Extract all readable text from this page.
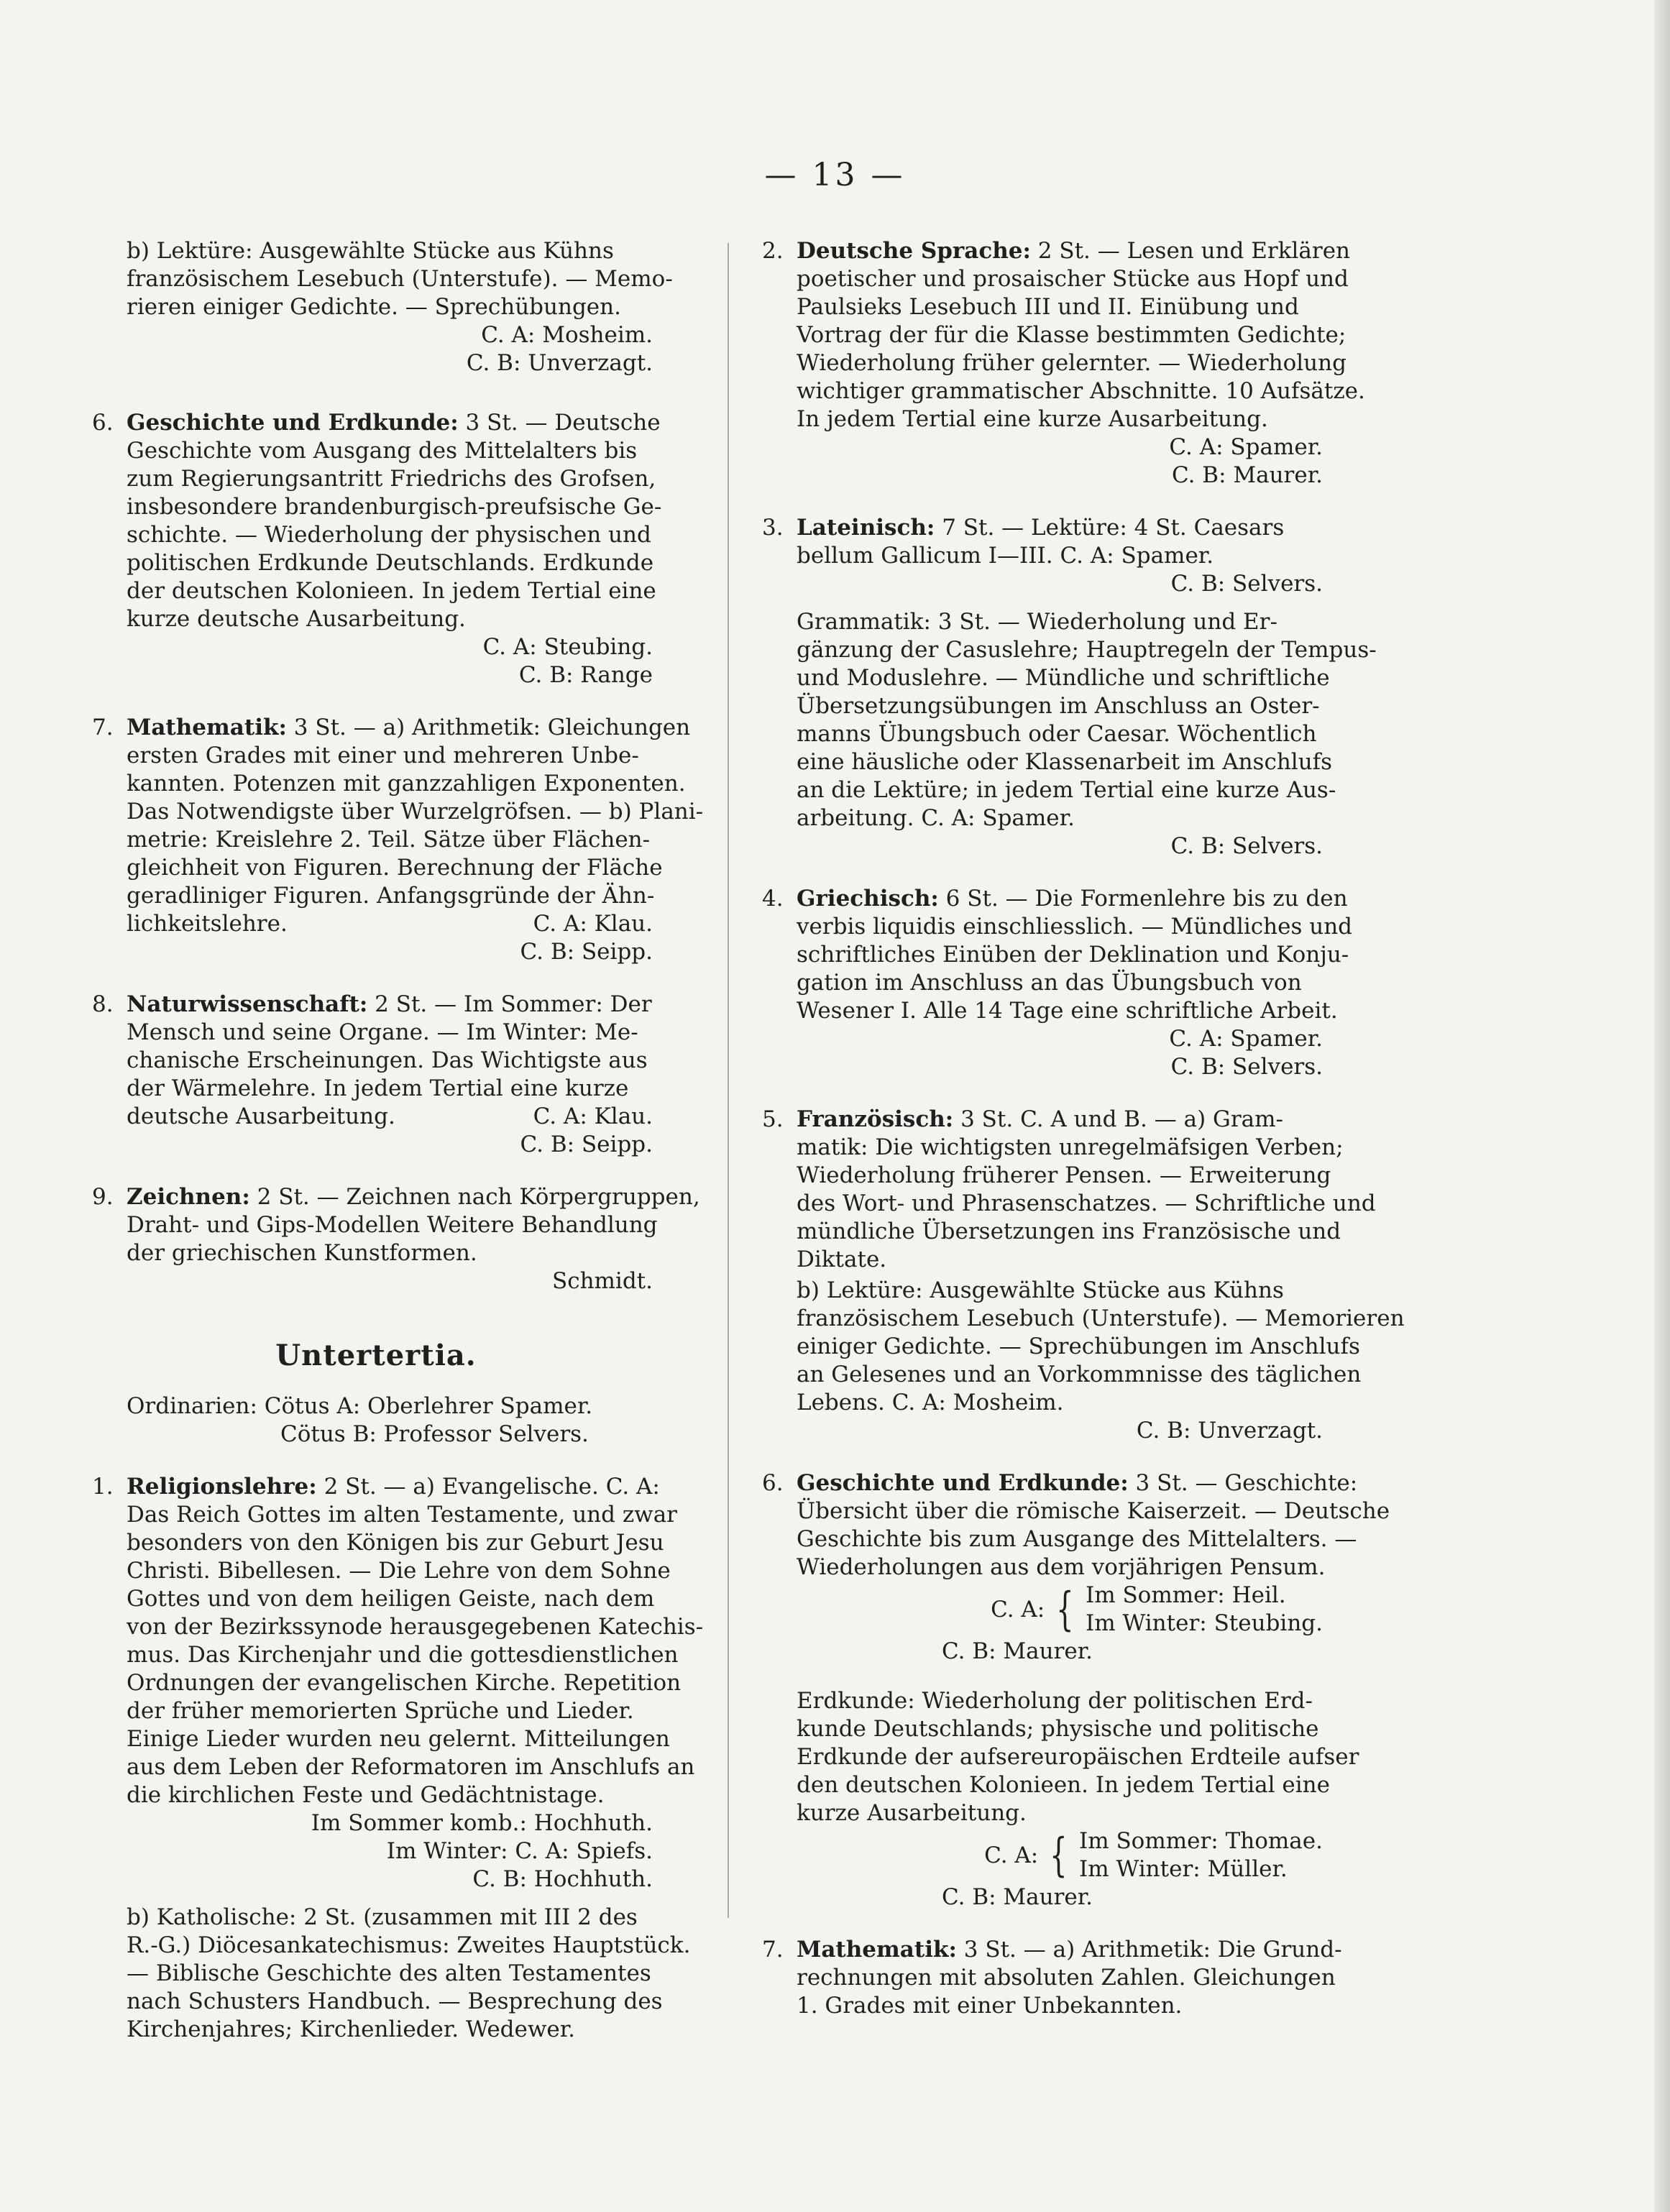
— 13 —
b) Lektüre: Ausgewählte Stücke aus Kühns
französischem Lesebuch (Unterstufe). — Memo-
rieren einiger Gedichte. — Sprechübungen.
C. A: Mosheim.
C. B: Unverzagt.
6. Geschichte und Erdkunde: 3 St. — Deutsche
Geschichte vom Ausgang des Mittelalters bis
zum Regierungsantritt Friedrichs des Grofsen,
insbesondere brandenburgisch-preufsische Ge-
schichte. — Wiederholung der physischen und
politischen Erdkunde Deutschlands. Erdkunde
der deutschen Kolonieen. In jedem Tertial eine
kurze deutsche Ausarbeitung.
C. A: Steubing.
C. B: Range
7. Mathematik: 3 St. — a) Arithmetik: Gleichungen
ersten Grades mit einer und mehreren Unbe-
kannten. Potenzen mit ganzzahligen Exponenten.
Das Notwendigste über Wurzelgröfsen. — b) Plani-
metrie: Kreislehre 2. Teil. Sätze über Flächen-
gleichheit von Figuren. Berechnung der Fläche
geradliniger Figuren. Anfangsgründe der Ähn-
lichkeitslehre.	C. A: Klau.
C. B: Seipp.
8. Naturwissenschaft: 2 St. — Im Sommer: Der
Mensch und seine Organe. — Im Winter: Me-
chanische Erscheinungen. Das Wichtigste aus
der Wärmelehre. In jedem Tertial eine kurze
deutsche Ausarbeitung.	C. A: Klau.
C. B: Seipp.
9. Zeichnen: 2 St. — Zeichnen nach Körpergruppen,
Draht- und Gips-Modellen Weitere Behandlung
der griechischen Kunstformen.
Schmidt.
Untertertia.
Ordinarien: Cötus A: Oberlehrer Spamer.
Cötus B: Professor Selvers.
1. Religionslehre: 2 St. — a) Evangelische. C. A:
Das Reich Gottes im alten Testamente, und zwar
besonders von den Königen bis zur Geburt Jesu
Christi. Bibellesen. — Die Lehre von dem Sohne
Gottes und von dem heiligen Geiste, nach dem
von der Bezirkssynode herausgegebenen Katechis-
mus. Das Kirchenjahr und die gottesdienstlichen
Ordnungen der evangelischen Kirche. Repetition
der früher memorierten Sprüche und Lieder.
Einige Lieder wurden neu gelernt. Mitteilungen
aus dem Leben der Reformatoren im Anschlufs an
die kirchlichen Feste und Gedächtnistage.
Im Sommer komb.: Hochhuth.
Im Winter: C. A: Spiefs.
C. B: Hochhuth.
b) Katholische: 2 St. (zusammen mit III 2 des
R.-G.) Diöcesankatechismus: Zweites Hauptstück.
— Biblische Geschichte des alten Testamentes
nach Schusters Handbuch. — Besprechung des
Kirchenjahres; Kirchenlieder. Wedewer.
2. Deutsche Sprache: 2 St. — Lesen und Erklären
poetischer und prosaischer Stücke aus Hopf und
Paulsieks Lesebuch III und II. Einübung und
Vortrag der für die Klasse bestimmten Gedichte;
Wiederholung früher gelernter. — Wiederholung
wichtiger grammatischer Abschnitte. 10 Aufsätze.
In jedem Tertial eine kurze Ausarbeitung.
C. A: Spamer.
C. B: Maurer.
3. Lateinisch: 7 St. — Lektüre: 4 St. Caesars
bellum Gallicum I—III. C. A: Spamer.
C. B: Selvers.
Grammatik: 3 St. — Wiederholung und Er-
gänzung der Casuslehre; Hauptregeln der Tempus-
und Moduslehre. — Mündliche und schriftliche
Übersetzungsübungen im Anschluss an Oster-
manns Übungsbuch oder Caesar. Wöchentlich
eine häusliche oder Klassenarbeit im Anschlufs
an die Lektüre; in jedem Tertial eine kurze Aus-
arbeitung. C. A: Spamer.
C. B: Selvers.
4. Griechisch: 6 St. — Die Formenlehre bis zu den
verbis liquidis einschliesslich. — Mündliches und
schriftliches Einüben der Deklination und Konju-
gation im Anschluss an das Übungsbuch von
Wesener I. Alle 14 Tage eine schriftliche Arbeit.
C. A: Spamer.
C. B: Selvers.
5. Französisch: 3 St. C. A und B. — a) Gram-
matik: Die wichtigsten unregelmäfsigen Verben;
Wiederholung früherer Pensen. — Erweiterung
des Wort- und Phrasenschatzes. — Schriftliche und
mündliche Übersetzungen ins Französische und
Diktate.
b) Lektüre: Ausgewählte Stücke aus Kühns
französischem Lesebuch (Unterstufe). — Memorieren
einiger Gedichte. — Sprechübungen im Anschlufs
an Gelesenes und an Vorkommnisse des täglichen
Lebens. C. A: Mosheim.
C. B: Unverzagt.
6. Geschichte und Erdkunde: 3 St. — Geschichte:
Übersicht über die römische Kaiserzeit. — Deutsche
Geschichte bis zum Ausgange des Mittelalters. —
Wiederholungen aus dem vorjährigen Pensum.
C. A: { Im Sommer: Heil.
Im Winter: Steubing.
C. B: Maurer.
Erdkunde: Wiederholung der politischen Erd-
kunde Deutschlands; physische und politische
Erdkunde der aufsereuropäischen Erdteile aufser
den deutschen Kolonieen. In jedem Tertial eine
kurze Ausarbeitung.
C. A: { Im Sommer: Thomae.
Im Winter: Müller.
C. B: Maurer.
7. Mathematik: 3 St. — a) Arithmetik: Die Grund-
rechnungen mit absoluten Zahlen. Gleichungen
1. Grades mit einer Unbekannten.
